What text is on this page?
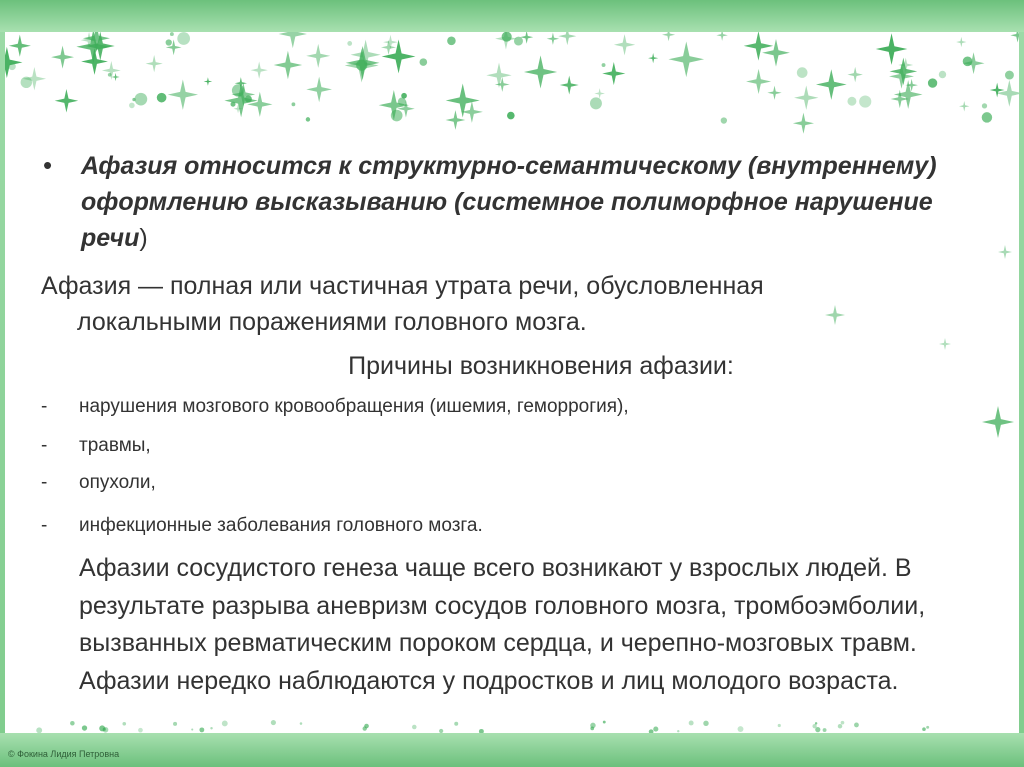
• Афазия относится к структурно-семантическому (внутреннему) оформлению высказыванию (системное полиморфное нарушение речи)
Афазия — полная или частичная утрата речи, обусловленная
локальными поражениями головного мозга.
Причины возникновения афазии:
- нарушения мозгового кровообращения (ишемия, геморрогия),
- травмы,
- опухоли,
- инфекционные заболевания головного мозга.
Афазии сосудистого генеза чаще всего возникают у взрослых людей. В результате разрыва аневризм сосудов головного мозга, тромбоэмболии, вызванных ревматическим пороком сердца, и черепно-мозговых травм. Афазии нередко наблюдаются у подростков и лиц молодого возраста.
© Фокина Лидия Петровна
